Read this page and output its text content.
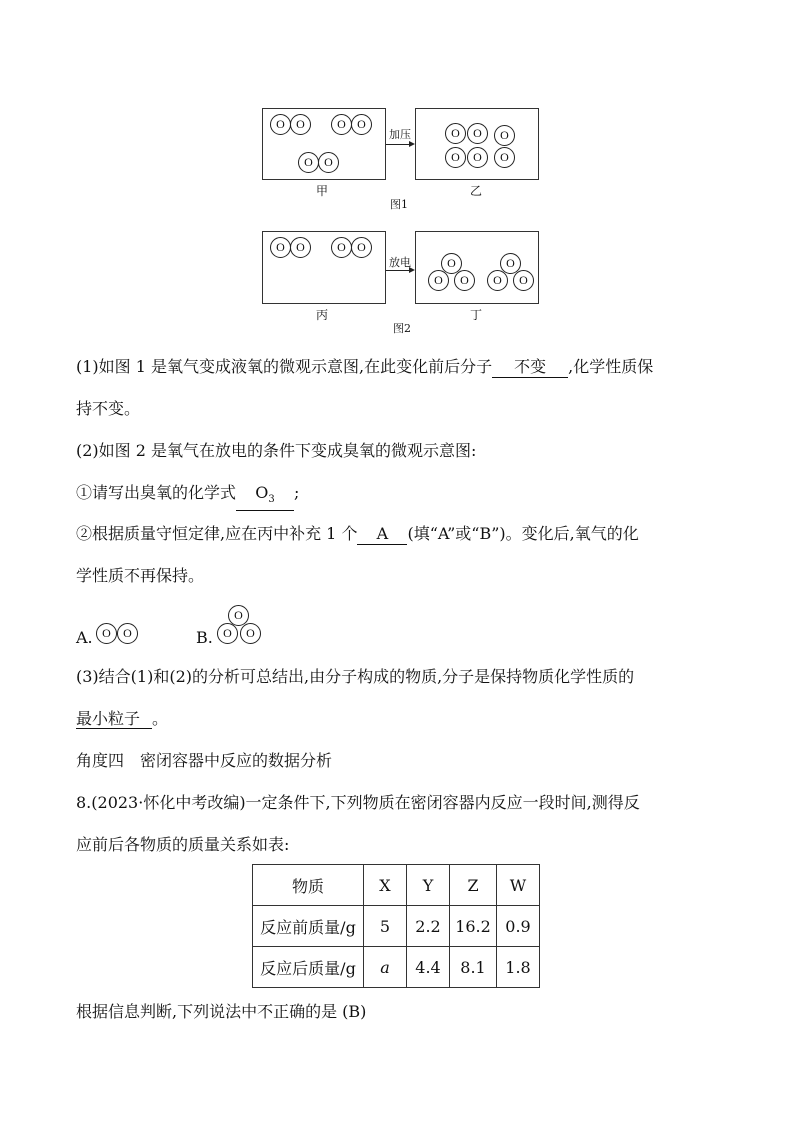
O O	O O
O O
加压	O	O	O
O	O	O
甲	乙
图1
O O	O O
放电	O
O	O
O
O	O
丙	丁
图2
(1)如图 1 是氧气变成液氧的微观示意图,在此变化前后分子 不变 ,化学性质保
持不变。
(2)如图 2 是氧气在放电的条件下变成臭氧的微观示意图:
①请写出臭氧的化学式 $O_3$ ;
②根据质量守恒定律,应在丙中补充 1 个 A (填“A”或“B”)。变化后,氧气的化
学性质不再保持。
A. O	O	B.
O
O	O
(3)结合(1)和(2)的分析可总结出,由分子构成的物质,分子是保持物质化学性质的
最小粒子 。
角度四　密闭容器中反应的数据分析
8.(2023·怀化中考改编)一定条件下,下列物质在密闭容器内反应一段时间,测得反
应前后各物质的质量关系如表:
物质	X	Y	Z	W
反应前质量/g	5	2.2	16.2	0.9
反应后质量/g	a	4.4	8.1	1.8
根据信息判断,下列说法中不正确的是 (B)
